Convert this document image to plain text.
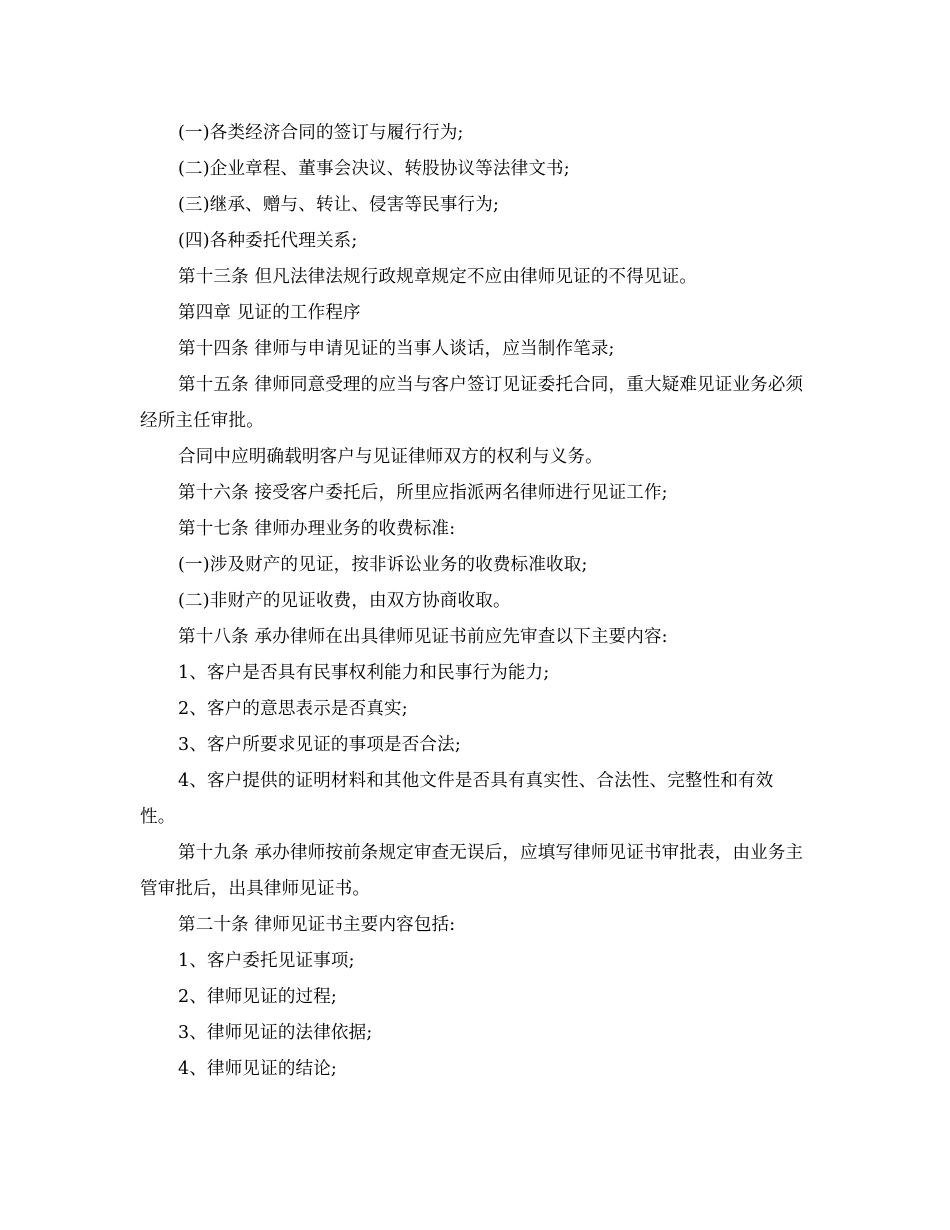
(一)各类经济合同的签订与履行行为;

(二)企业章程、董事会决议、转股协议等法律文书;

(三)继承、赠与、转让、侵害等民事行为;

(四)各种委托代理关系;

第十三条 但凡法律法规行政规章规定不应由律师见证的不得见证。

第四章 见证的工作程序

第十四条 律师与申请见证的当事人谈话，应当制作笔录;

第十五条 律师同意受理的应当与客户签订见证委托合同，重大疑难见证业务必须经所主任审批。

合同中应明确载明客户与见证律师双方的权利与义务。

第十六条 接受客户委托后，所里应指派两名律师进行见证工作;

第十七条 律师办理业务的收费标准:

(一)涉及财产的见证，按非诉讼业务的收费标准收取;

(二)非财产的见证收费，由双方协商收取。

第十八条 承办律师在出具律师见证书前应先审查以下主要内容:

1、客户是否具有民事权利能力和民事行为能力;

2、客户的意思表示是否真实;

3、客户所要求见证的事项是否合法;

4、客户提供的证明材料和其他文件是否具有真实性、合法性、完整性和有效性。

第十九条 承办律师按前条规定审查无误后，应填写律师见证书审批表，由业务主管审批后，出具律师见证书。

第二十条 律师见证书主要内容包括:

1、客户委托见证事项;

2、律师见证的过程;

3、律师见证的法律依据;

4、律师见证的结论;
